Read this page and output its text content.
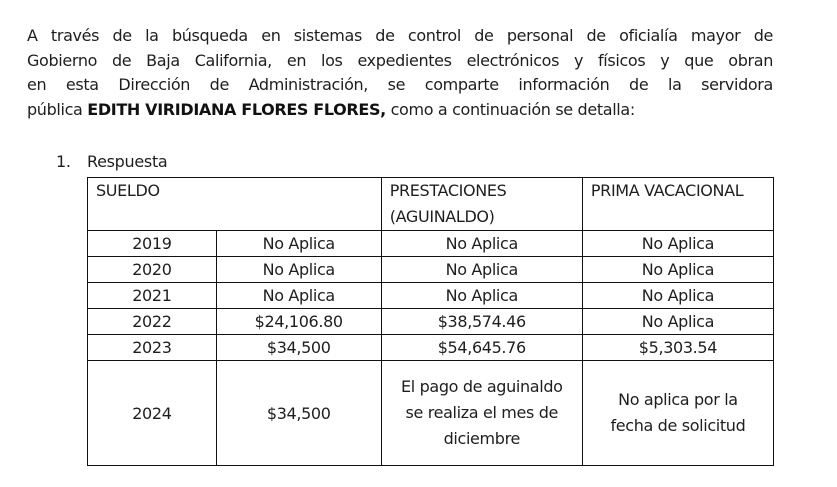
A través de la búsqueda en sistemas de control de personal de oficialía mayor de
Gobierno de Baja California, en los expedientes electrónicos y físicos y que obran
en esta Dirección de Administración, se comparte información de la servidora
pública EDITH VIRIDIANA FLORES FLORES, como a continuación se detalla:
1. Respuesta
SUELDO		PRESTACIONES (AGUINALDO)	PRIMA VACACIONAL
2019	No Aplica	No Aplica	No Aplica
2020	No Aplica	No Aplica	No Aplica
2021	No Aplica	No Aplica	No Aplica
2022	$24,106.80	$38,574.46	No Aplica
2023	$34,500	$54,645.76	$5,303.54
2024	$34,500	El pago de aguinaldo se realiza el mes de diciembre	No aplica por la fecha de solicitud
